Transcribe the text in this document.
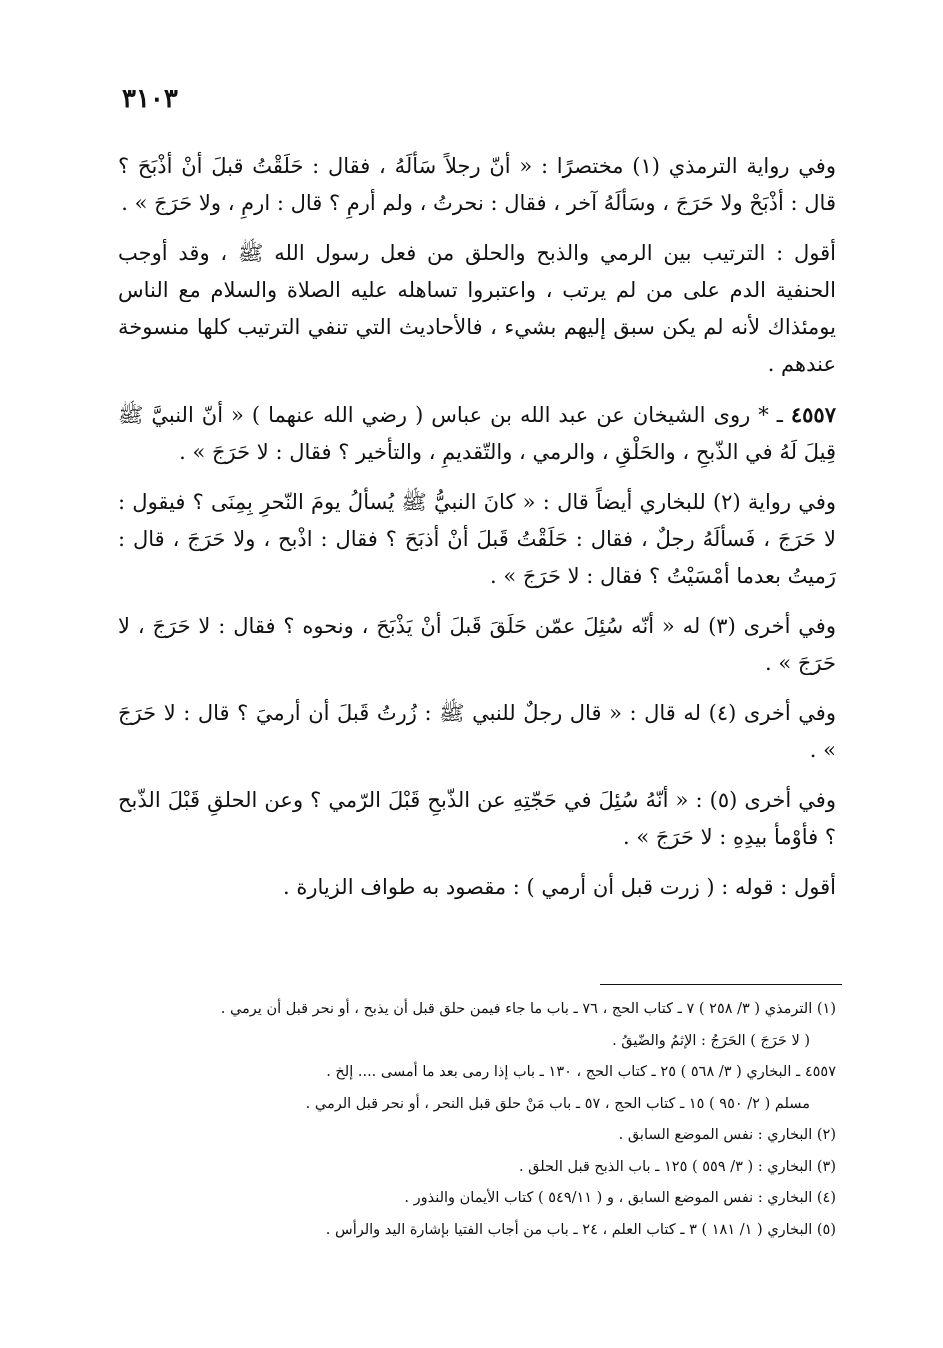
٣١٠٣

وفي رواية الترمذي (١) مختصرًا : « أنّ رجلاً سَألَهُ ، فقال : حَلَقْتُ قبلَ أنْ أذْبَحَ ؟ قال : أذْبَحْ ولا حَرَجَ ، وسَألَهُ آخر ، فقال : نحرتُ ، ولم أرمِ ؟ قال : ارمِ ، ولا حَرَجَ » .

أقول : الترتيب بين الرمي والذبح والحلق من فعل رسول الله ﷺ ، وقد أوجب الحنفية الدم على من لم يرتب ، واعتبروا تساهله عليه الصلاة والسلام مع الناس يومئذاك لأنه لم يكن سبق إليهم بشيء ، فالأحاديث التي تنفي الترتيب كلها منسوخة عندهم .

٤٥٥٧ ـ * روى الشيخان عن عبد الله بن عباس ( رضي الله عنهما ) « أنّ النبيَّ ﷺ قِيلَ لَهُ في الذّبحِ ، والحَلْقِ ، والرمي ، والتّقديمِ ، والتأخير ؟ فقال : لا حَرَجَ » .

وفي رواية (٢) للبخاري أيضاً قال : « كانَ النبيُّ ﷺ يُسألُ يومَ النّحرِ بِمِنَى ؟ فيقول : لا حَرَجَ ، فَسألَهُ رجلٌ ، فقال : حَلَقْتُ قَبلَ أنْ أذبَحَ ؟ فقال : اذْبح ، ولا حَرَجَ ، قال : رَميتُ بعدما أمْسَيْتُ ؟ فقال : لا حَرَجَ » .

وفي أخرى (٣) له « أنّه سُئِلَ عمّن حَلَقَ قَبلَ أنْ يَذْبَحَ ، ونحوه ؟ فقال : لا حَرَجَ ، لا حَرَجَ » .

وفي أخرى (٤) له قال : « قال رجلٌ للنبي ﷺ : زُرتُ قَبلَ أن أرميَ ؟ قال : لا حَرَجَ » .

وفي أخرى (٥) : « أنّهُ سُئِلَ في حَجّتِهِ عن الذّبحِ قَبْلَ الرّمي ؟ وعن الحلقِ قَبْلَ الذّبح ؟ فأوْمأ بيدِهِ : لا حَرَجَ » .

أقول : قوله : ( زرت قبل أن أرمي ) : مقصود به طواف الزيارة .

(١) الترمذي ( ٣/ ٢٥٨ ) ٧ ـ كتاب الحج ، ٧٦ ـ باب ما جاء فيمن حلق قبل أن يذبح ، أو نحر قبل أن يرمي .

( لا حَرَجَ ) الحَرَجُ : الإثمُ والضّيقُ .

٤٥٥٧ ـ البخاري ( ٣/ ٥٦٨ ) ٢٥ ـ كتاب الحج ، ١٣٠ ـ باب إذا رمى بعد ما أمسى .... إلخ .

مسلم ( ٢/ ٩٥٠ ) ١٥ ـ كتاب الحج ، ٥٧ ـ باب مَنْ حلق قبل النحر ، أو نحر قبل الرمي .

(٢) البخاري : نفس الموضع السابق .

(٣) البخاري : ( ٣/ ٥٥٩ ) ١٢٥ ـ باب الذبح قبل الحلق .

(٤) البخاري : نفس الموضع السابق ، و ( ٥٤٩/١١ ) كتاب الأيمان والنذور .

(٥) البخاري ( ١/ ١٨١ ) ٣ ـ كتاب العلم ، ٢٤ ـ باب من أجاب الفتيا بإشارة اليد والرأس .
